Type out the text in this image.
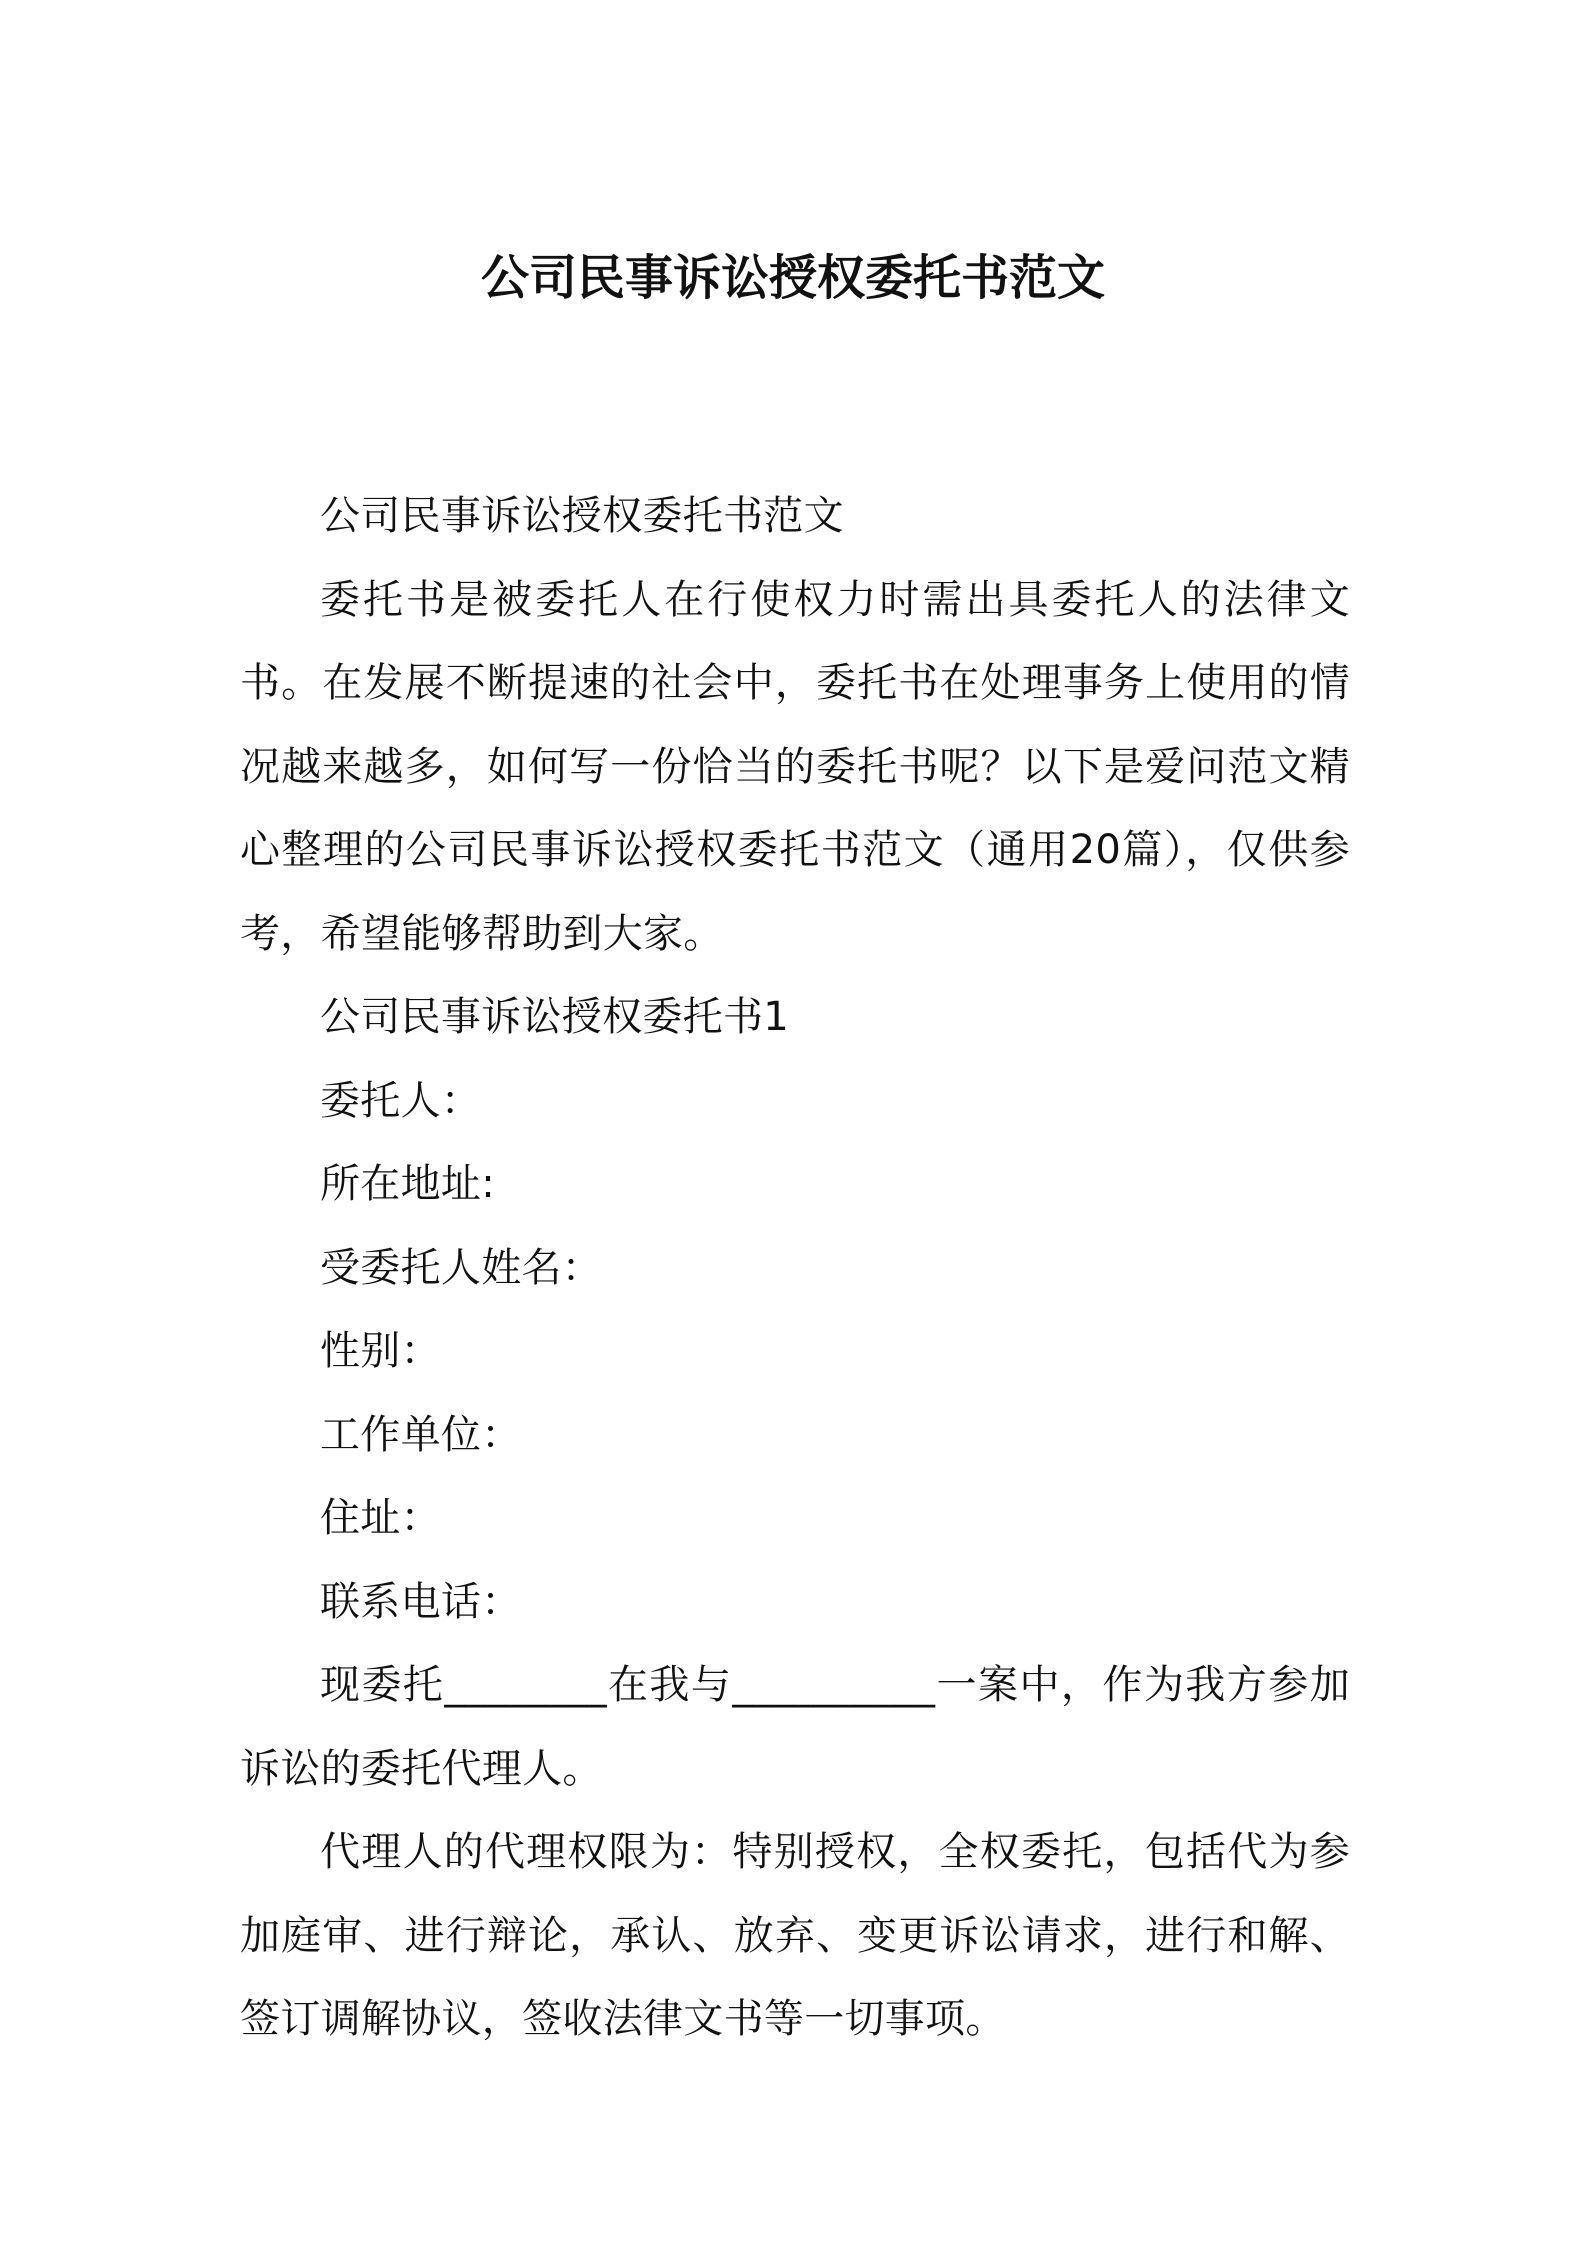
公司民事诉讼授权委托书范文

公司民事诉讼授权委托书范文

委托书是被委托人在行使权力时需出具委托人的法律文书。在发展不断提速的社会中，委托书在处理事务上使用的情况越来越多，如何写一份恰当的委托书呢？以下是爱问范文精心整理的公司民事诉讼授权委托书范文（通用20篇），仅供参考，希望能够帮助到大家。

公司民事诉讼授权委托书1

委托人：

所在地址:

受委托人姓名：

性别：

工作单位：

住址：

联系电话：

现委托________在我与__________一案中，作为我方参加诉讼的委托代理人。

代理人的代理权限为：特别授权，全权委托，包括代为参加庭审、进行辩论，承认、放弃、变更诉讼请求，进行和解、签订调解协议，签收法律文书等一切事项。
